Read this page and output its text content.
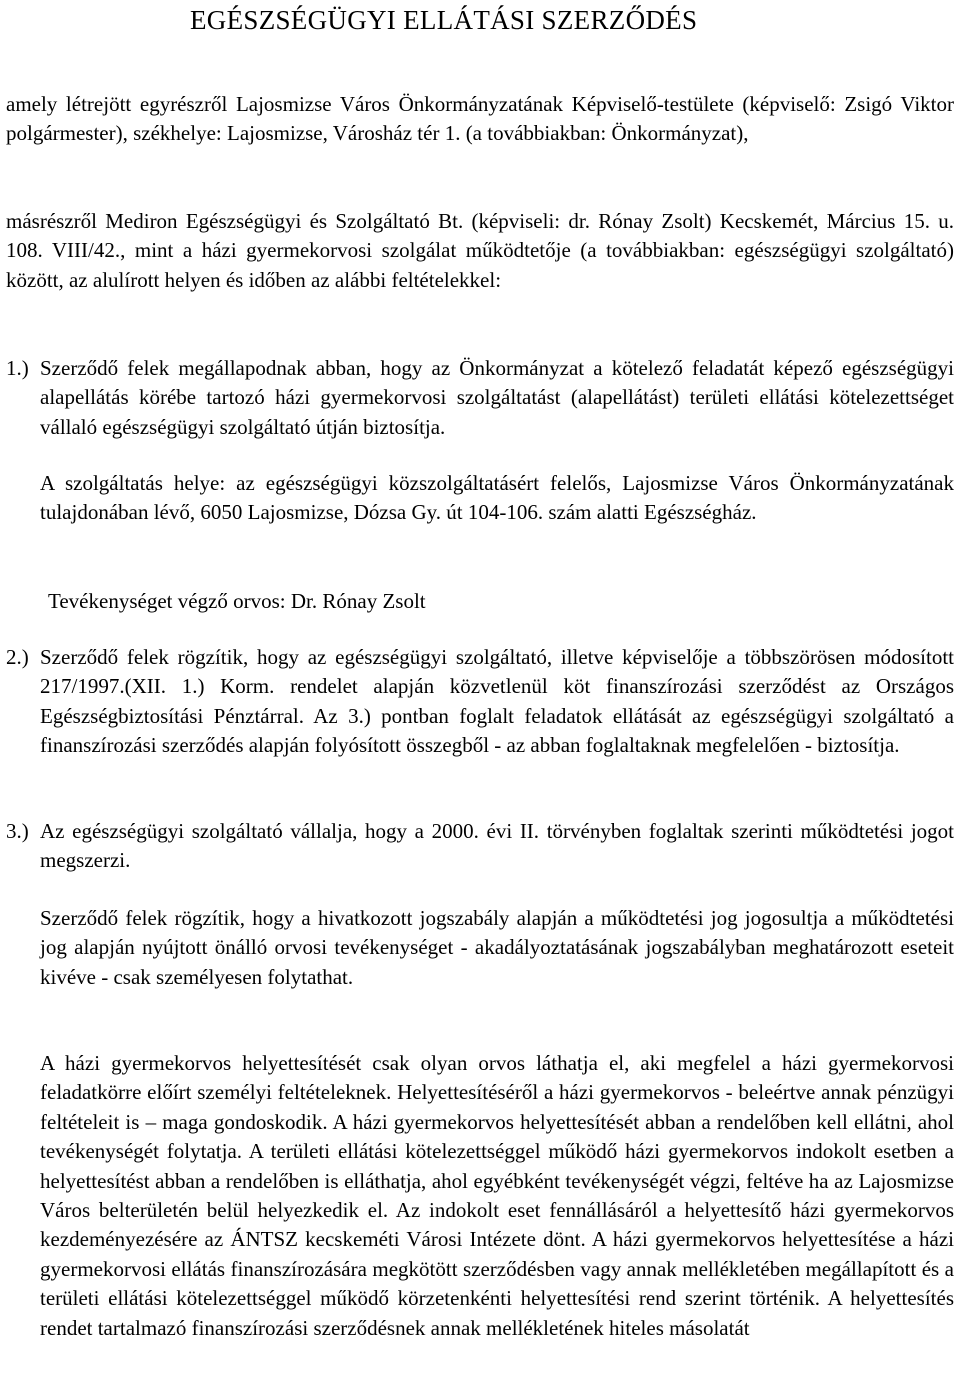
EGÉSZSÉGÜGYI ELLÁTÁSI SZERZŐDÉS

amely létrejött egyrészről Lajosmizse Város Önkormányzatának Képviselő-testülete (képviselő: Zsigó Viktor polgármester), székhelye: Lajosmizse, Városház tér 1. (a továbbiakban: Önkormányzat),

másrészről Mediron Egészségügyi és Szolgáltató Bt. (képviseli: dr. Rónay Zsolt) Kecskemét, Március 15. u. 108. VIII/42., mint a házi gyermekorvosi szolgálat működtetője (a továbbiakban: egészségügyi szolgáltató) között, az alulírott helyen és időben az alábbi feltételekkel:

1.) Szerződő felek megállapodnak abban, hogy az Önkormányzat a kötelező feladatát képező egészségügyi alapellátás körébe tartozó házi gyermekorvosi szolgáltatást (alapellátást) területi ellátási kötelezettséget vállaló egészségügyi szolgáltató útján biztosítja.

A szolgáltatás helye: az egészségügyi közszolgáltatásért felelős, Lajosmizse Város Önkormányzatának tulajdonában lévő, 6050 Lajosmizse, Dózsa Gy. út 104-106. szám alatti Egészségház.

Tevékenységet végző orvos: Dr. Rónay Zsolt

2.) Szerződő felek rögzítik, hogy az egészségügyi szolgáltató, illetve képviselője a többszörösen módosított 217/1997.(XII. 1.) Korm. rendelet alapján közvetlenül köt finanszírozási szerződést az Országos Egészségbiztosítási Pénztárral. Az 3.) pontban foglalt feladatok ellátását az egészségügyi szolgáltató a finanszírozási szerződés alapján folyósított összegből - az abban foglaltaknak megfelelően - biztosítja.

3.) Az egészségügyi szolgáltató vállalja, hogy a 2000. évi II. törvényben foglaltak szerinti működtetési jogot megszerzi.

Szerződő felek rögzítik, hogy a hivatkozott jogszabály alapján a működtetési jog jogosultja a működtetési jog alapján nyújtott önálló orvosi tevékenységet - akadályoztatásának jogszabályban meghatározott eseteit kivéve - csak személyesen folytathat.

A házi gyermekorvos helyettesítését csak olyan orvos láthatja el, aki megfelel a házi gyermekorvosi feladatkörre előírt személyi feltételeknek. Helyettesítéséről a házi gyermekorvos - beleértve annak pénzügyi feltételeit is – maga gondoskodik. A házi gyermekorvos helyettesítését abban a rendelőben kell ellátni, ahol tevékenységét folytatja. A területi ellátási kötelezettséggel működő házi gyermekorvos indokolt esetben a helyettesítést abban a rendelőben is elláthatja, ahol egyébként tevékenységét végzi, feltéve ha az Lajosmizse Város belterületén belül helyezkedik el. Az indokolt eset fennállásáról a helyettesítő házi gyermekorvos kezdeményezésére az ÁNTSZ kecskeméti Városi Intézete dönt. A házi gyermekorvos helyettesítése a házi gyermekorvosi ellátás finanszírozására megkötött szerződésben vagy annak mellékletében megállapított és a területi ellátási kötelezettséggel működő körzetenkénti helyettesítési rend szerint történik. A helyettesítés rendet tartalmazó finanszírozási szerződésnek annak mellékletének hiteles másolatát
